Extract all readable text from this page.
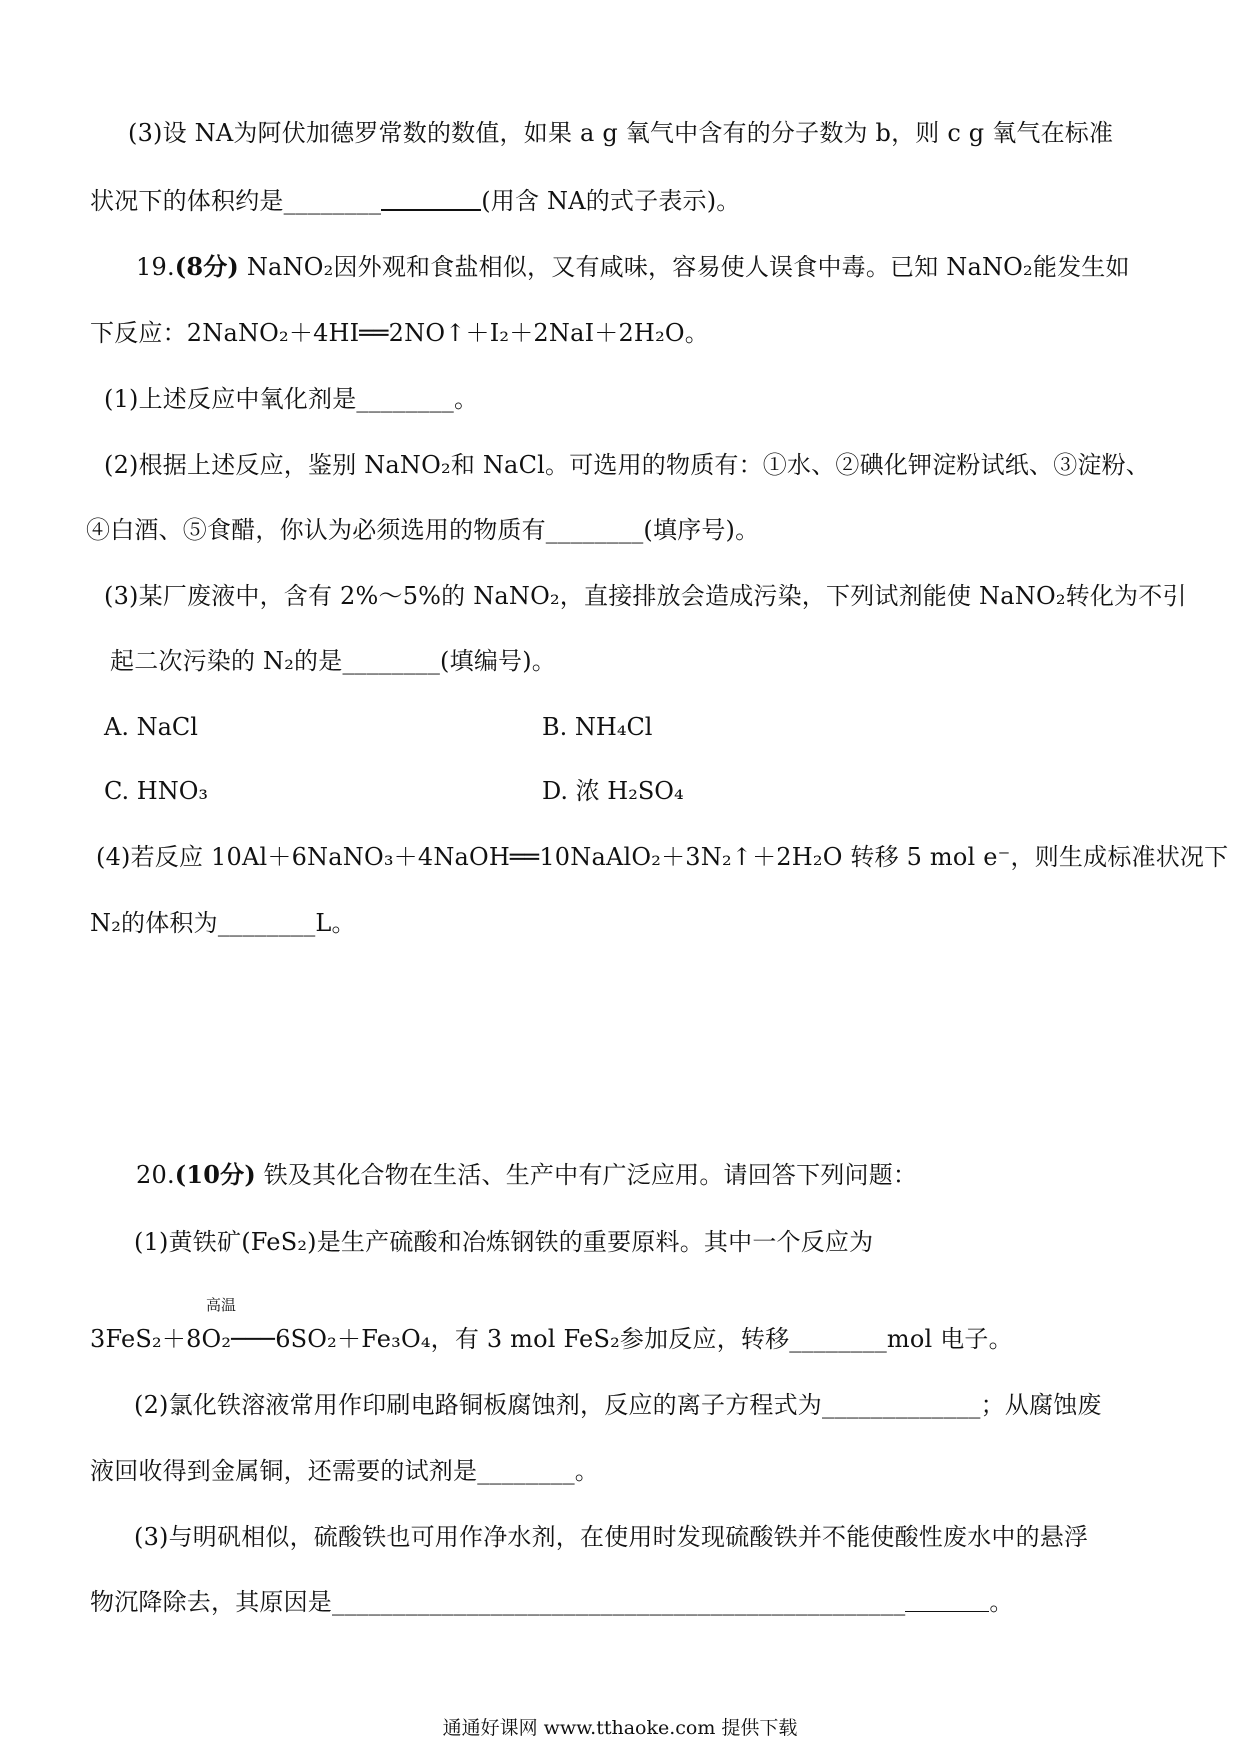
(3)设 NA为阿伏加德罗常数的数值，如果 a g 氧气中含有的分子数为 b，则 c g 氧气在标准
状况下的体积约是________	(用含 NA的式子表示)。
19.(8分) NaNO₂因外观和食盐相似，又有咸味，容易使人误食中毒。已知 NaNO₂能发生如
下反应：2NaNO₂＋4HI══2NO↑＋I₂＋2NaI＋2H₂O。
(1)上述反应中氧化剂是________。
(2)根据上述反应，鉴别 NaNO₂和 NaCl。可选用的物质有：①水、②碘化钾淀粉试纸、③淀粉、
④白酒、⑤食醋，你认为必须选用的物质有________(填序号)。
(3)某厂废液中，含有 2%～5%的 NaNO₂，直接排放会造成污染，下列试剂能使 NaNO₂转化为不引
起二次污染的 N₂的是________(填编号)。
A. NaCl	B. NH₄Cl
C. HNO₃	D. 浓 H₂SO₄
(4)若反应 10Al＋6NaNO₃＋4NaOH══10NaAlO₂＋3N₂↑＋2H₂O 转移 5 mol e⁻，则生成标准状况下
N₂的体积为________L。
20.(10分) 铁及其化合物在生活、生产中有广泛应用。请回答下列问题：
(1)黄铁矿(FeS₂)是生产硫酸和冶炼钢铁的重要原料。其中一个反应为
高温
3FeS₂＋8O₂───6SO₂＋Fe₃O₄，有 3 mol FeS₂参加反应，转移________mol 电子。
(2)氯化铁溶液常用作印刷电路铜板腐蚀剂，反应的离子方程式为_____________；从腐蚀废
液回收得到金属铜，还需要的试剂是________。
(3)与明矾相似，硫酸铁也可用作净水剂，在使用时发现硫酸铁并不能使酸性废水中的悬浮
物沉降除去，其原因是_______________________________________________	。
通通好课网 www.tthaoke.com 提供下载
